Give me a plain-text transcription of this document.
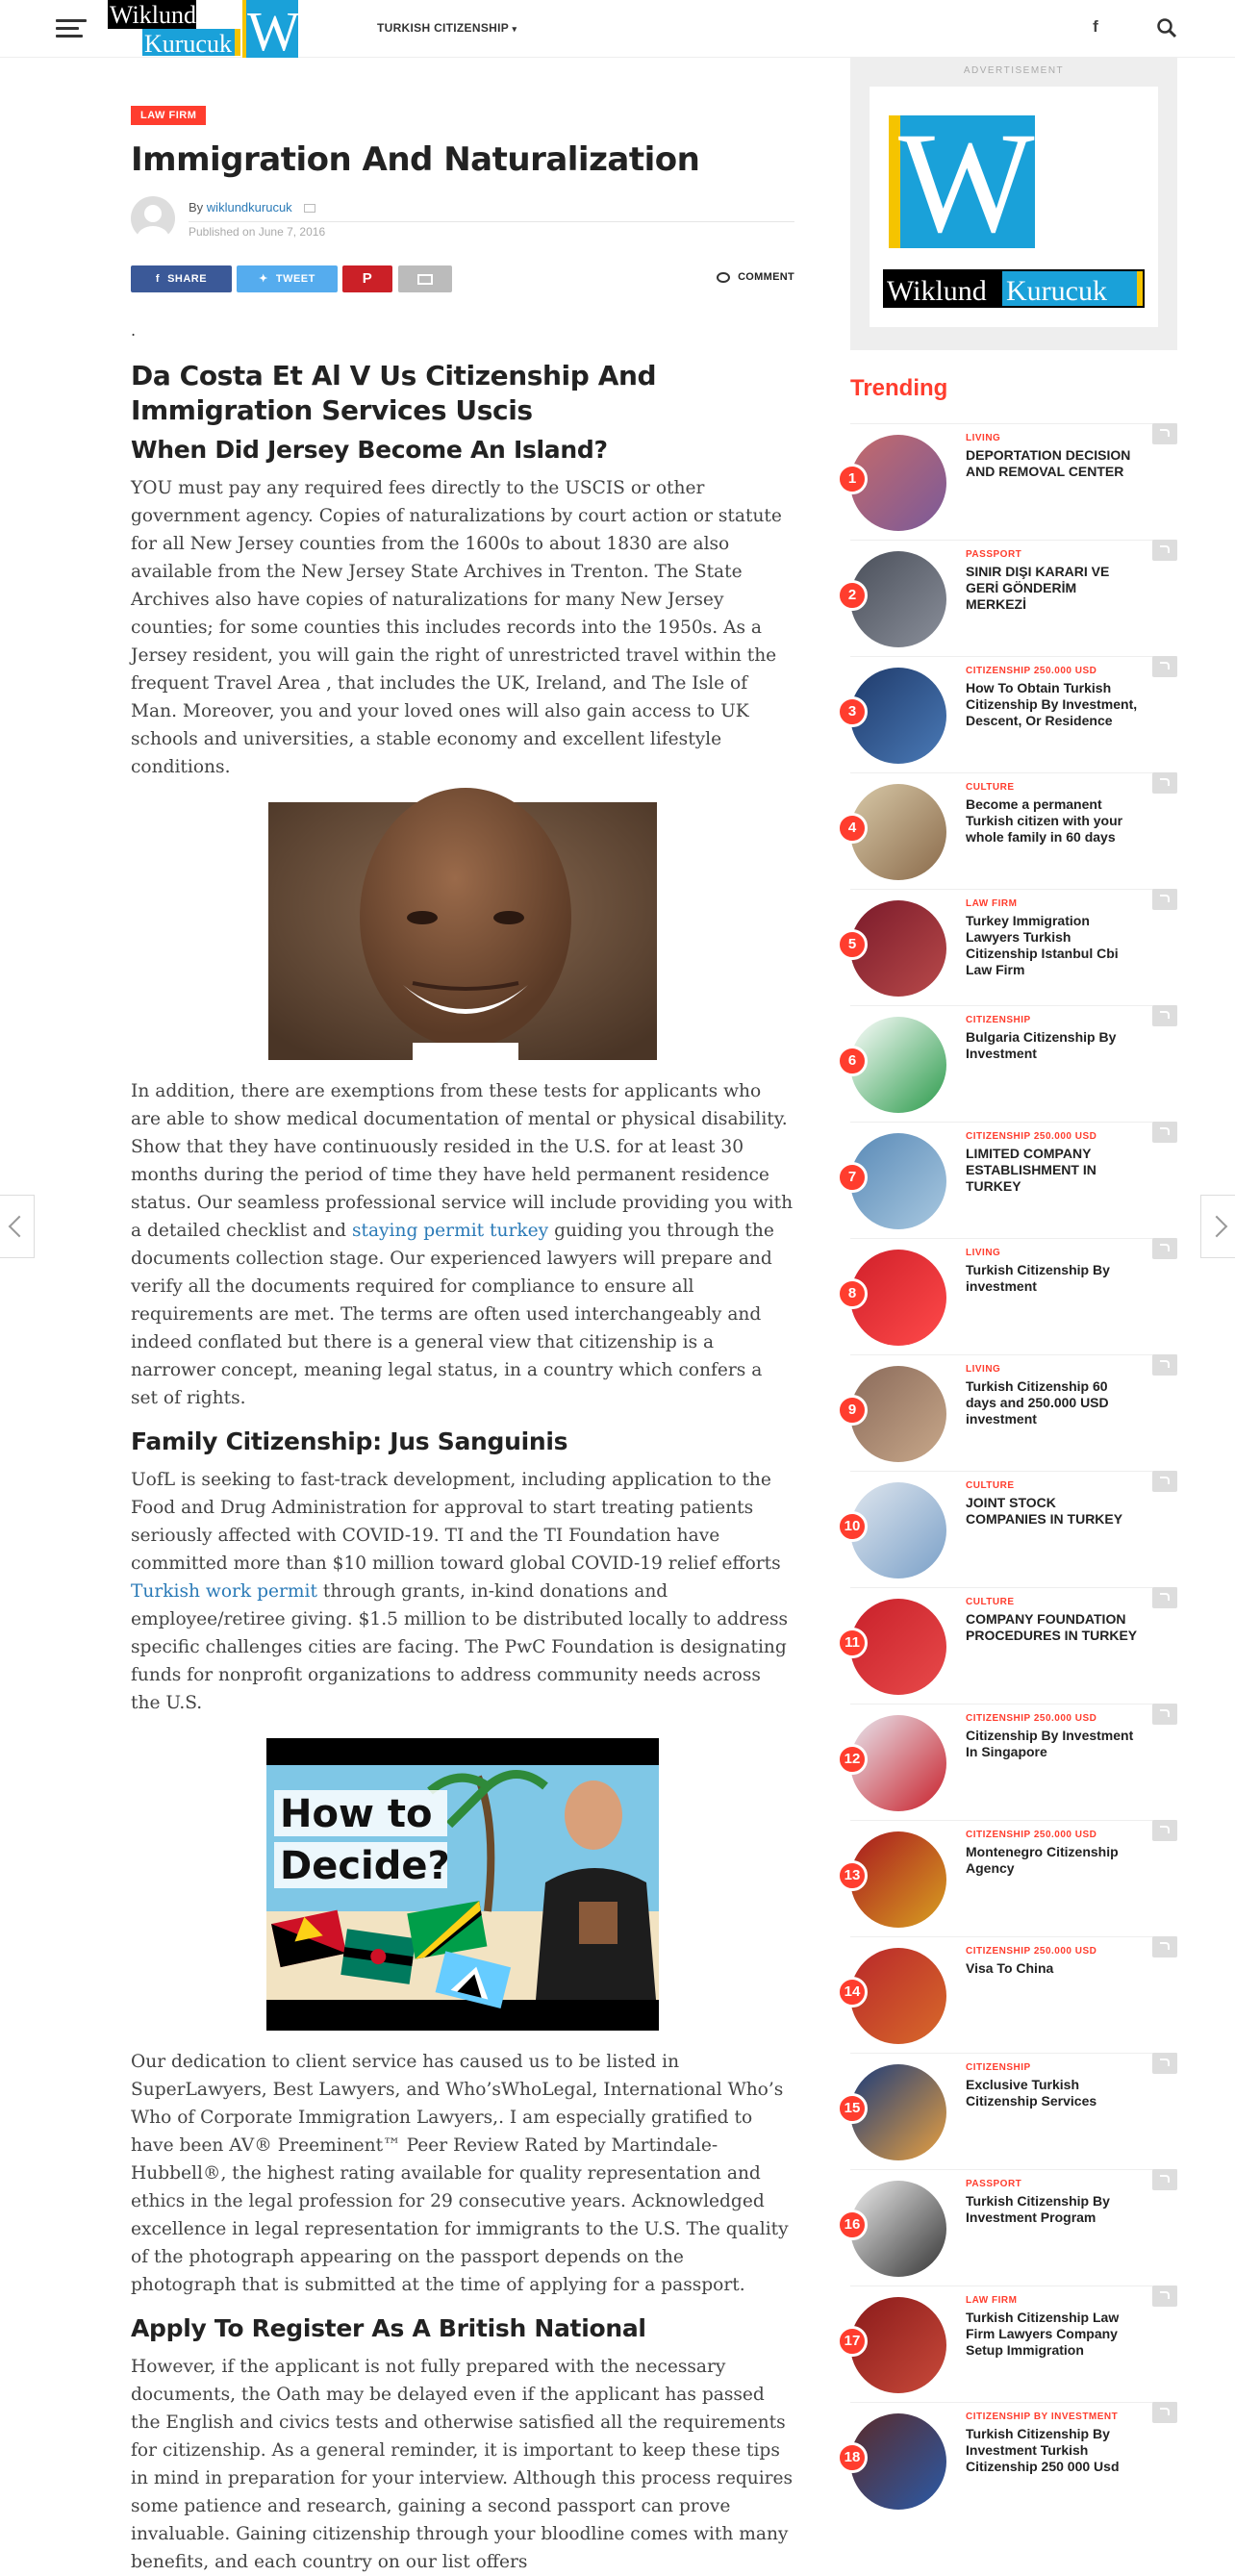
Wiklund
Kurucuk WK	TURKISH CITIZENSHIP ▾	f
LAW FIRM
Immigration And Naturalization
By wiklundkurucuk
Published on June 7, 2016
f SHARE	✦ TWEET	P	COMMENT
.
Da Costa Et Al V Us Citizenship And Immigration Services Uscis
When Did Jersey Become An Island?

YOU must pay any required fees directly to the USCIS or other government agency. Copies of naturalizations by court action or statute for all New Jersey counties from the 1600s to about 1830 are also available from the New Jersey State Archives in Trenton. The State Archives also have copies of naturalizations for many New Jersey counties; for some counties this includes records into the 1950s. As a Jersey resident, you will gain the right of unrestricted travel within the frequent Travel Area , that includes the UK, Ireland, and The Isle of Man. Moreover, you and your loved ones will also gain access to UK schools and universities, a stable economy and excellent lifestyle conditions.

In addition, there are exemptions from these tests for applicants who are able to show medical documentation of mental or physical disability. Show that they have continuously resided in the U.S. for at least 30 months during the period of time they have held permanent residence status. Our seamless professional service will include providing you with a detailed checklist and staying permit turkey guiding you through the documents collection stage. Our experienced lawyers will prepare and verify all the documents required for compliance to ensure all requirements are met. The terms are often used interchangeably and indeed conflated but there is a general view that citizenship is a narrower concept, meaning legal status, in a country which confers a set of rights.

Family Citizenship: Jus Sanguinis

UofL is seeking to fast-track development, including application to the Food and Drug Administration for approval to start treating patients seriously affected with COVID-19. TI and the TI Foundation have committed more than $10 million toward global COVID-19 relief efforts Turkish work permit through grants, in-kind donations and employee/retiree giving. $1.5 million to be distributed locally to address specific challenges cities are facing. The PwC Foundation is designating funds for nonprofit organizations to address community needs across the U.S.

How to
Decide?

Our dedication to client service has caused us to be listed in SuperLawyers, Best Lawyers, and Who’sWhoLegal, International Who’s Who of Corporate Immigration Lawyers,. I am especially gratified to have been AV® Preeminent™ Peer Review Rated by Martindale-Hubbell®, the highest rating available for quality representation and ethics in the legal profession for 29 consecutive years. Acknowledged excellence in legal representation for immigrants to the U.S. The quality of the photograph appearing on the passport depends on the photograph that is submitted at the time of applying for a passport.

Apply To Register As A British National

However, if the applicant is not fully prepared with the necessary documents, the Oath may be delayed even if the applicant has passed the English and civics tests and otherwise satisfied all the requirements for citizenship. As a general reminder, it is important to keep these tips in mind in preparation for your interview. Although this process requires some patience and research, gaining a second passport can prove invaluable. Gaining citizenship through your bloodline comes with many benefits, and each country on our list offers

ADVERTISEMENT
WK
Wiklund Kurucuk
Trending
1
LIVING
DEPORTATION DECISION AND REMOVAL CENTER
2
PASSPORT
SINIR DIŞI KARARI VE GERİ GÖNDERİM MERKEZİ
3
CITIZENSHIP 250.000 USD
How To Obtain Turkish Citizenship By Investment, Descent, Or Residence
4
CULTURE
Become a permanent Turkish citizen with your whole family in 60 days
5
LAW FIRM
Turkey Immigration Lawyers Turkish Citizenship Istanbul Cbi Law Firm
6
CITIZENSHIP
Bulgaria Citizenship By Investment
7
CITIZENSHIP 250.000 USD
LIMITED COMPANY ESTABLISHMENT IN TURKEY
8
LIVING
Turkish Citizenship By investment
9
LIVING
Turkish Citizenship 60 days and 250.000 USD investment
10
CULTURE
JOINT STOCK COMPANIES IN TURKEY
11
CULTURE
COMPANY FOUNDATION PROCEDURES IN TURKEY
12
CITIZENSHIP 250.000 USD
Citizenship By Investment In Singapore
13
CITIZENSHIP 250.000 USD
Montenegro Citizenship Agency
14
CITIZENSHIP 250.000 USD
Visa To China
15
CITIZENSHIP
Exclusive Turkish Citizenship Services
16
PASSPORT
Turkish Citizenship By Investment Program
17
LAW FIRM
Turkish Citizenship Law Firm Lawyers Company Setup Immigration
18
CITIZENSHIP BY INVESTMENT
Turkish Citizenship By Investment Turkish Citizenship 250 000 Usd
